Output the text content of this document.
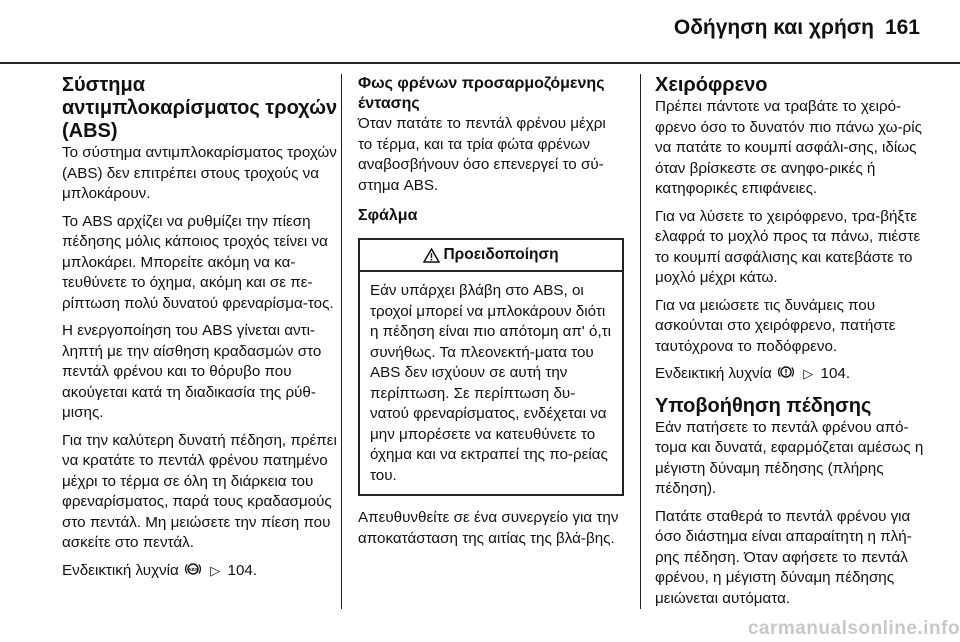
Οδήγηση και χρήση 161
Σύστημα αντιμπλοκαρίσματος τροχών (ABS)

Το σύστημα αντιμπλοκαρίσματος τροχών (ABS) δεν επιτρέπει στους τροχούς να μπλοκάρουν.

Το ABS αρχίζει να ρυθμίζει την πίεση πέδησης μόλις κάποιος τροχός τείνει να μπλοκάρει. Μπορείτε ακόμη να κα-τευθύνετε το όχημα, ακόμη και σε πε-ρίπτωση πολύ δυνατού φρεναρίσμα-τος.

Η ενεργοποίηση του ABS γίνεται αντι-ληπτή με την αίσθηση κραδασμών στο πεντάλ φρένου και το θόρυβο που ακούγεται κατά τη διαδικασία της ρύθ-μισης.

Για την καλύτερη δυνατή πέδηση, πρέπει να κρατάτε το πεντάλ φρένου πατημένο μέχρι το τέρμα σε όλη τη διάρκεια του φρεναρίσματος, παρά τους κραδασμούς στο πεντάλ. Μη μειώσετε την πίεση που ασκείτε στο πεντάλ.

Ενδεικτική λυχνία ABS ▷ 104.

Φως φρένων προσαρμοζόμενης έντασης

Όταν πατάτε το πεντάλ φρένου μέχρι το τέρμα, και τα τρία φώτα φρένων αναβοσβήνουν όσο επενεργεί το σύ-στημα ABS.

Σφάλμα
Προειδοποίηση

Εάν υπάρχει βλάβη στο ABS, οι τροχοί μπορεί να μπλοκάρουν διότι η πέδηση είναι πιο απότομη απ' ό,τι συνήθως. Τα πλεονεκτή-ματα του ABS δεν ισχύουν σε αυτή την περίπτωση. Σε περίπτωση δυ-νατού φρεναρίσματος, ενδέχεται να μην μπορέσετε να κατευθύνετε το όχημα και να εκτραπεί της πο-ρείας του.

Απευθυνθείτε σε ένα συνεργείο για την αποκατάσταση της αιτίας της βλά-βης.

Χειρόφρενο

Πρέπει πάντοτε να τραβάτε το χειρό-φρενο όσο το δυνατόν πιο πάνω χω-ρίς να πατάτε το κουμπί ασφάλι-σης, ιδίως όταν βρίσκεστε σε ανηφο-ρικές ή κατηφορικές επιφάνειες.

Για να λύσετε το χειρόφρενο, τρα-βήξτε ελαφρά το μοχλό προς τα πάνω, πιέστε το κουμπί ασφάλισης και κατεβάστε το μοχλό μέχρι κάτω.

Για να μειώσετε τις δυνάμεις που ασκούνται στο χειρόφρενο, πατήστε ταυτόχρονα το ποδόφρενο.

Ενδεικτική λυχνία ▷ 104.

Υποβοήθηση πέδησης

Εάν πατήσετε το πεντάλ φρένου από-τομα και δυνατά, εφαρμόζεται αμέσως η μέγιστη δύναμη πέδησης (πλήρης πέδηση).

Πατάτε σταθερά το πεντάλ φρένου για όσο διάστημα είναι απαραίτητη η πλή-ρης πέδηση. Όταν αφήσετε το πεντάλ φρένου, η μέγιστη δύναμη πέδησης μειώνεται αυτόματα.

carmanualsonline.info
